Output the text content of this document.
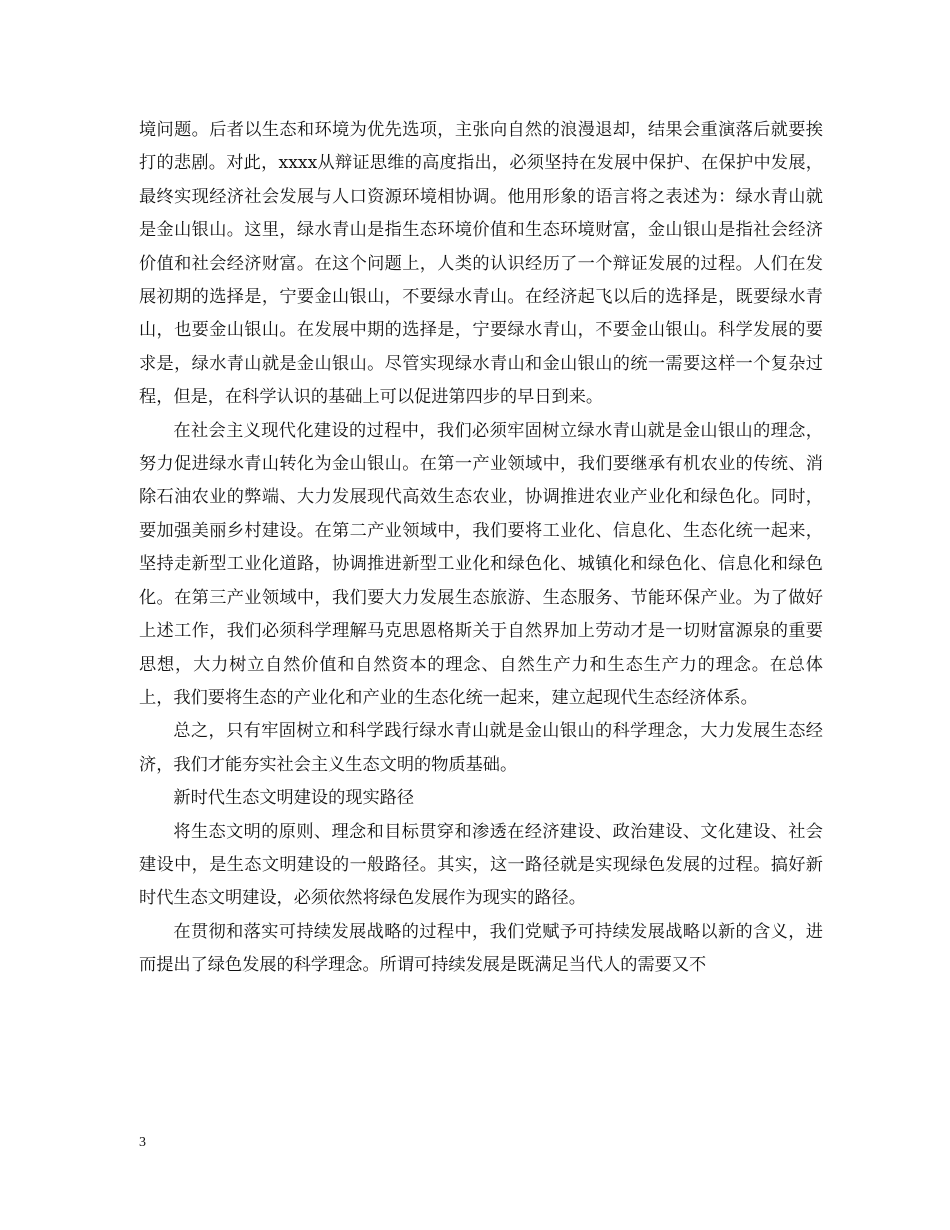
境问题。后者以生态和环境为优先选项，主张向自然的浪漫退却，结果会重演落后就要挨打的悲剧。对此，xxxx从辩证思维的高度指出，必须坚持在发展中保护、在保护中发展，最终实现经济社会发展与人口资源环境相协调。他用形象的语言将之表述为：绿水青山就是金山银山。这里，绿水青山是指生态环境价值和生态环境财富，金山银山是指社会经济价值和社会经济财富。在这个问题上，人类的认识经历了一个辩证发展的过程。人们在发展初期的选择是，宁要金山银山，不要绿水青山。在经济起飞以后的选择是，既要绿水青山，也要金山银山。在发展中期的选择是，宁要绿水青山，不要金山银山。科学发展的要求是，绿水青山就是金山银山。尽管实现绿水青山和金山银山的统一需要这样一个复杂过程，但是，在科学认识的基础上可以促进第四步的早日到来。

在社会主义现代化建设的过程中，我们必须牢固树立绿水青山就是金山银山的理念，努力促进绿水青山转化为金山银山。在第一产业领域中，我们要继承有机农业的传统、消除石油农业的弊端、大力发展现代高效生态农业，协调推进农业产业化和绿色化。同时，要加强美丽乡村建设。在第二产业领域中，我们要将工业化、信息化、生态化统一起来，坚持走新型工业化道路，协调推进新型工业化和绿色化、城镇化和绿色化、信息化和绿色化。在第三产业领域中，我们要大力发展生态旅游、生态服务、节能环保产业。为了做好上述工作，我们必须科学理解马克思恩格斯关于自然界加上劳动才是一切财富源泉的重要思想，大力树立自然价值和自然资本的理念、自然生产力和生态生产力的理念。在总体上，我们要将生态的产业化和产业的生态化统一起来，建立起现代生态经济体系。

总之，只有牢固树立和科学践行绿水青山就是金山银山的科学理念，大力发展生态经济，我们才能夯实社会主义生态文明的物质基础。

新时代生态文明建设的现实路径

将生态文明的原则、理念和目标贯穿和渗透在经济建设、政治建设、文化建设、社会建设中，是生态文明建设的一般路径。其实，这一路径就是实现绿色发展的过程。搞好新时代生态文明建设，必须依然将绿色发展作为现实的路径。

在贯彻和落实可持续发展战略的过程中，我们党赋予可持续发展战略以新的含义，进而提出了绿色发展的科学理念。所谓可持续发展是既满足当代人的需要又不

3
